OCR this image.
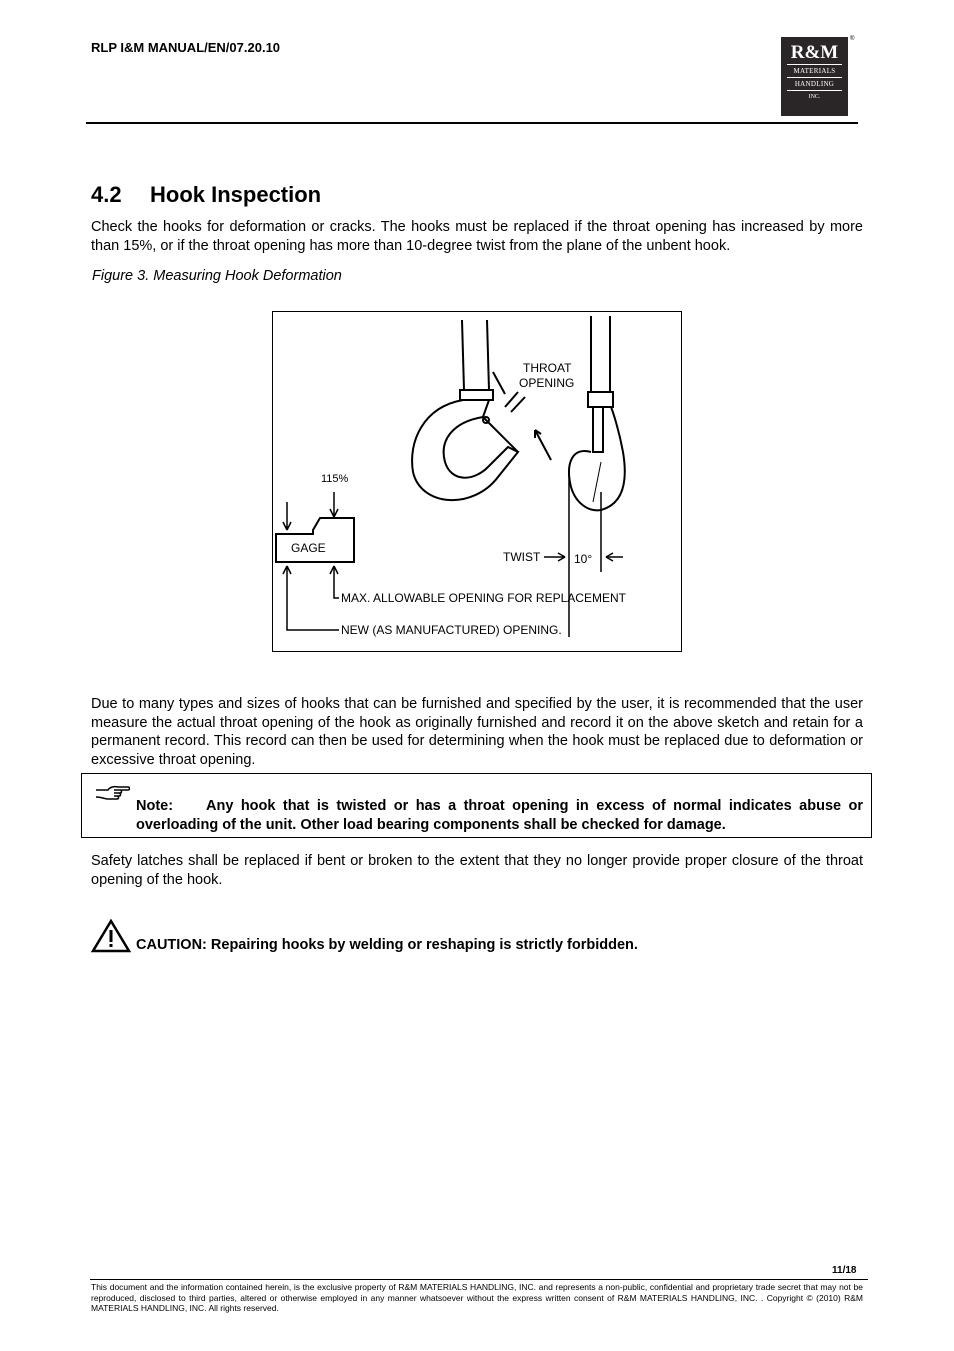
RLP I&M MANUAL/EN/07.20.10	R&M
MATERIALS
HANDLING
INC.
®
4.2 Hook Inspection
Check the hooks for deformation or cracks. The hooks must be replaced if the throat opening has increased by more than 15%, or if the throat opening has more than 10-degree twist from the plane of the unbent hook.
Figure 3. Measuring Hook Deformation
THROAT
OPENING
115%
GAGE
TWIST	10°
MAX. ALLOWABLE OPENING FOR REPLACEMENT
NEW (AS MANUFACTURED) OPENING.
Due to many types and sizes of hooks that can be furnished and specified by the user, it is recommended that the user measure the actual throat opening of the hook as originally furnished and record it on the above sketch and retain for a permanent record. This record can then be used for determining when the hook must be replaced due to deformation or excessive throat opening.
Note: Any hook that is twisted or has a throat opening in excess of normal indicates abuse or overloading of the unit. Other load bearing components shall be checked for damage.
Safety latches shall be replaced if bent or broken to the extent that they no longer provide proper closure of the throat opening of the hook.
CAUTION: Repairing hooks by welding or reshaping is strictly forbidden.
11/18
This document and the information contained herein, is the exclusive property of R&M MATERIALS HANDLING, INC. and represents a non-public, confidential and proprietary trade secret that may not be reproduced, disclosed to third parties, altered or otherwise employed in any manner whatsoever without the express written consent of R&M MATERIALS HANDLING, INC. . Copyright © (2010) R&M MATERIALS HANDLING, INC. All rights reserved.
